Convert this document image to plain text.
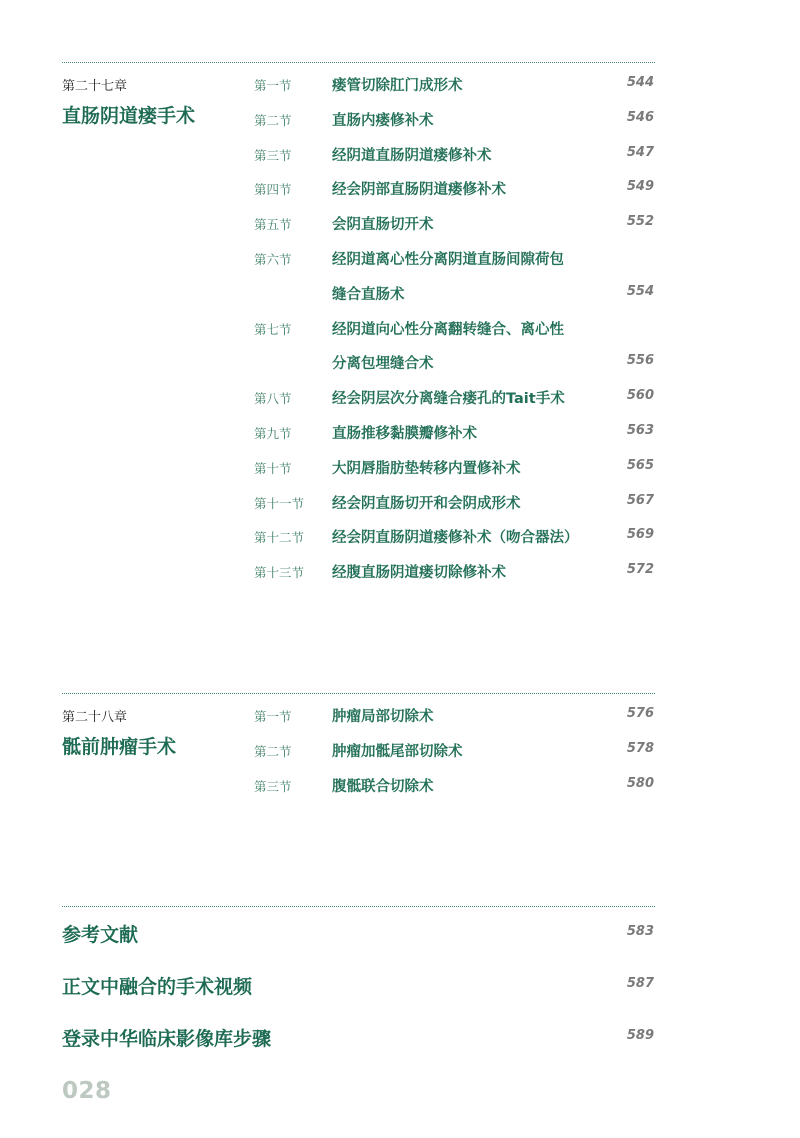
第二十七章
直肠阴道瘘手术
第一节	瘘管切除肛门成形术	544
第二节	直肠内瘘修补术	546
第三节	经阴道直肠阴道瘘修补术	547
第四节	经会阴部直肠阴道瘘修补术	549
第五节	会阴直肠切开术	552
第六节	经阴道离心性分离阴道直肠间隙荷包
缝合直肠术	554
第七节	经阴道向心性分离翻转缝合、离心性
分离包埋缝合术	556
第八节	经会阴层次分离缝合瘘孔的Tait手术	560
第九节	直肠推移黏膜瓣修补术	563
第十节	大阴唇脂肪垫转移内置修补术	565
第十一节 经会阴直肠切开和会阴成形术	567
第十二节 经会阴直肠阴道瘘修补术（吻合器法）	569
第十三节 经腹直肠阴道瘘切除修补术	572
第二十八章
骶前肿瘤手术
第一节	肿瘤局部切除术	576
第二节	肿瘤加骶尾部切除术	578
第三节	腹骶联合切除术	580
参考文献	583
正文中融合的手术视频	587
登录中华临床影像库步骤	589
028
